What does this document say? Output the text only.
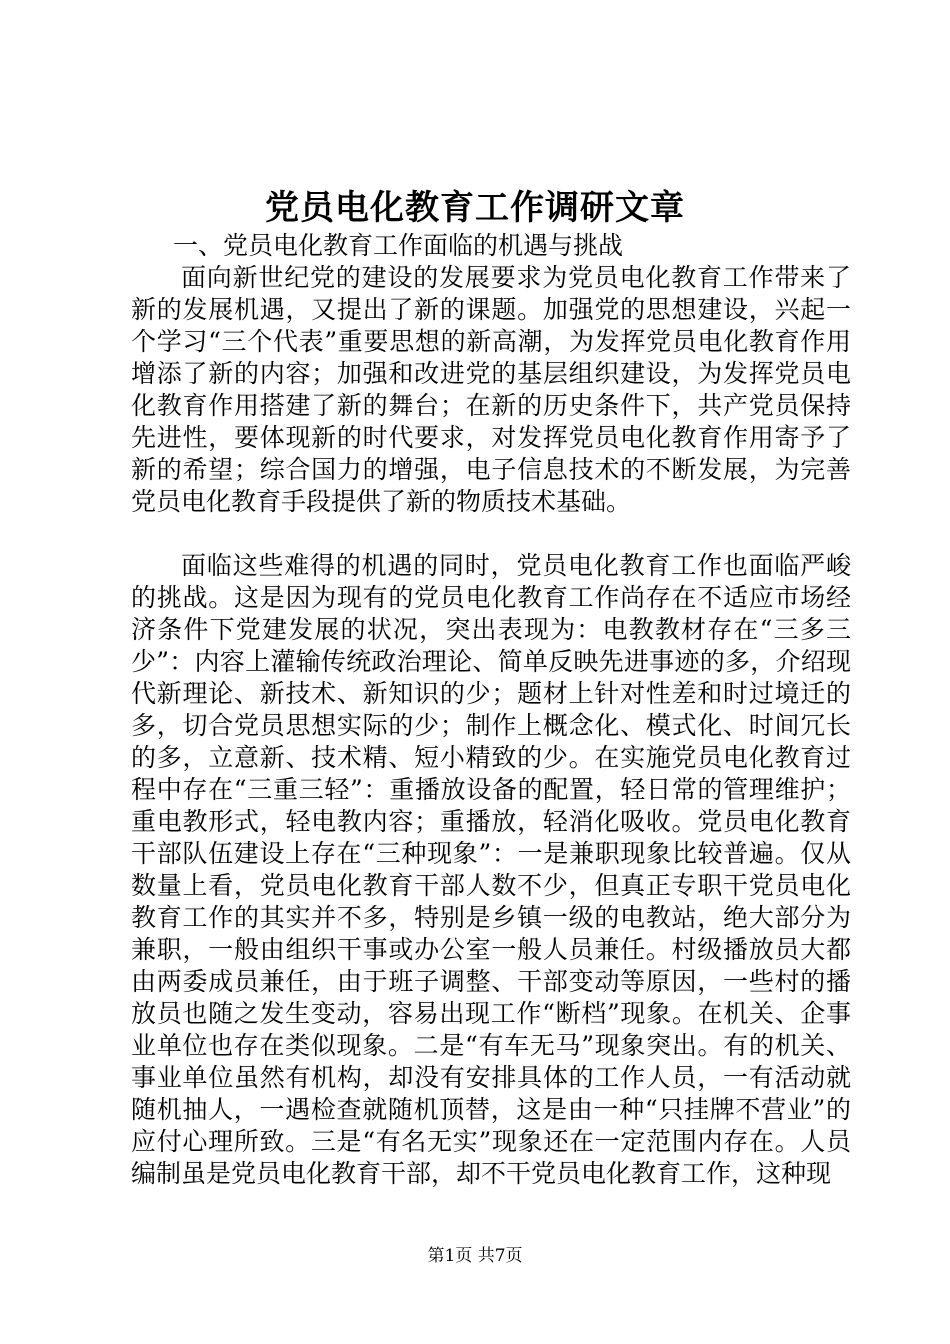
党员电化教育工作调研文章

一、党员电化教育工作面临的机遇与挑战

面向新世纪党的建设的发展要求为党员电化教育工作带来了新的发展机遇，又提出了新的课题。加强党的思想建设，兴起一个学习“三个代表”重要思想的新高潮，为发挥党员电化教育作用增添了新的内容；加强和改进党的基层组织建设，为发挥党员电化教育作用搭建了新的舞台；在新的历史条件下，共产党员保持先进性，要体现新的时代要求，对发挥党员电化教育作用寄予了新的希望；综合国力的增强，电子信息技术的不断发展，为完善党员电化教育手段提供了新的物质技术基础。

面临这些难得的机遇的同时，党员电化教育工作也面临严峻的挑战。这是因为现有的党员电化教育工作尚存在不适应市场经济条件下党建发展的状况，突出表现为：电教教材存在“三多三少”：内容上灌输传统政治理论、简单反映先进事迹的多，介绍现代新理论、新技术、新知识的少；题材上针对性差和时过境迁的多，切合党员思想实际的少；制作上概念化、模式化、时间冗长的多，立意新、技术精、短小精致的少。在实施党员电化教育过程中存在“三重三轻”：重播放设备的配置，轻日常的管理维护；重电教形式，轻电教内容；重播放，轻消化吸收。党员电化教育干部队伍建设上存在“三种现象”：一是兼职现象比较普遍。仅从数量上看，党员电化教育干部人数不少，但真正专职干党员电化教育工作的其实并不多，特别是乡镇一级的电教站，绝大部分为兼职，一般由组织干事或办公室一般人员兼任。村级播放员大都由两委成员兼任，由于班子调整、干部变动等原因，一些村的播放员也随之发生变动，容易出现工作“断档”现象。在机关、企事业单位也存在类似现象。二是“有车无马”现象突出。有的机关、事业单位虽然有机构，却没有安排具体的工作人员，一有活动就随机抽人，一遇检查就随机顶替，这是由一种“只挂牌不营业”的应付心理所致。三是“有名无实”现象还在一定范围内存在。人员编制虽是党员电化教育干部，却不干党员电化教育工作，这种现

第1页 共7页
